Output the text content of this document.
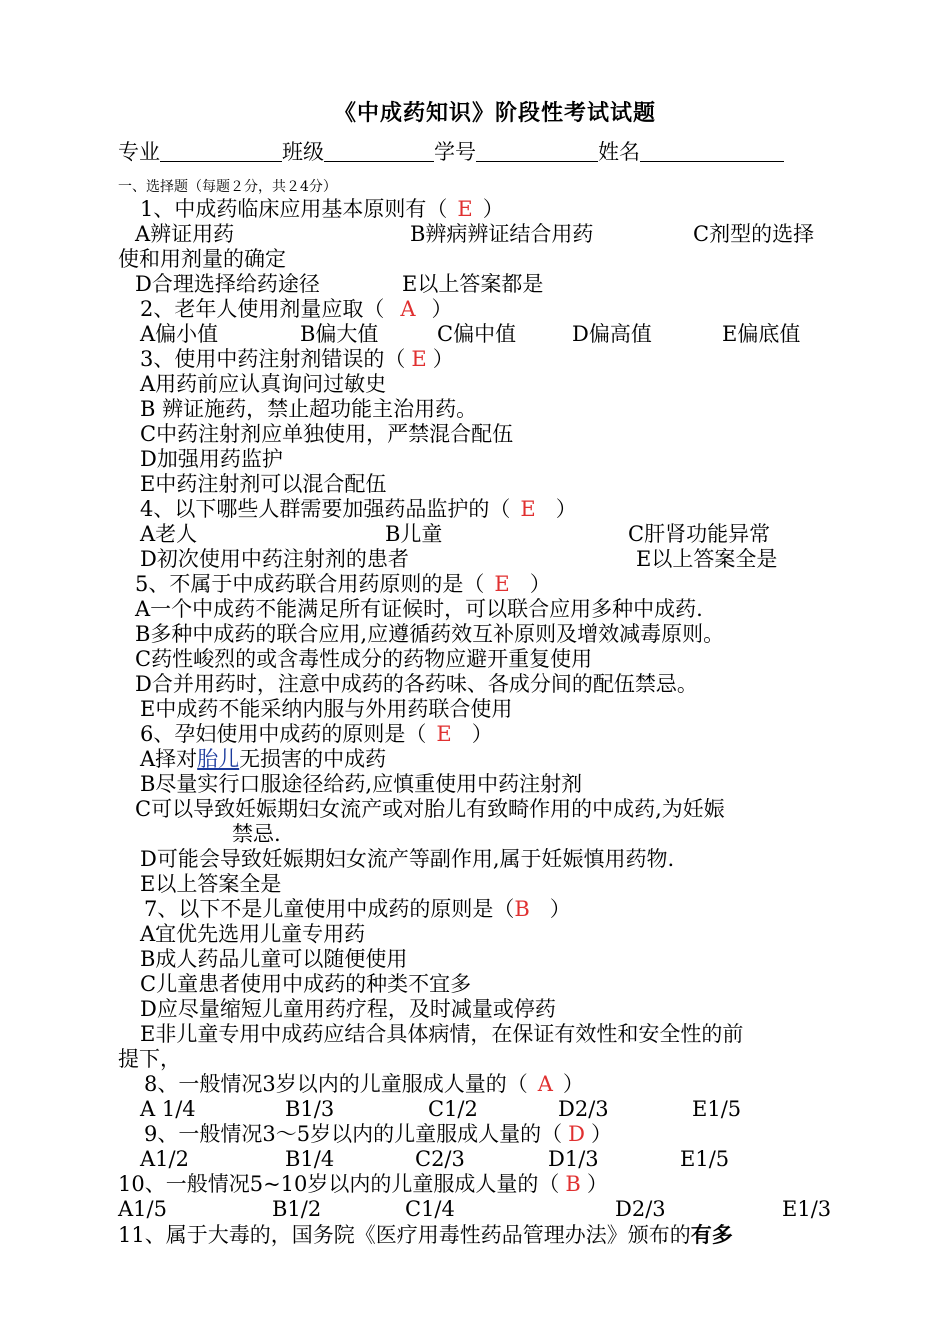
《中成药知识》阶段性考试试题
专业	班级	学号	姓名
一、选择题（每题２分，共２4分）
1、中成药临床应用基本原则有（ E ）
A辨证用药	B辨病辨证结合用药	C剂型的选择
使和用剂量的确定
D合理选择给药途径	E以上答案都是
2、老年人使用剂量应取（ A ）
A偏小值	B偏大值	C偏中值	D偏高值	E偏底值
3、使用中药注射剂错误的（ E ）
A用药前应认真询问过敏史
B 辨证施药，禁止超功能主治用药。
C中药注射剂应单独使用，严禁混合配伍
D加强用药监护
E中药注射剂可以混合配伍
4、以下哪些人群需要加强药品监护的（ E ）
A老人	B儿童	C肝肾功能异常
D初次使用中药注射剂的患者	E以上答案全是
5、不属于中成药联合用药原则的是（ E ）
A一个中成药不能满足所有证候时，可以联合应用多种中成药.
B多种中成药的联合应用,应遵循药效互补原则及增效减毒原则。
C药性峻烈的或含毒性成分的药物应避开重复使用
D合并用药时，注意中成药的各药味、各成分间的配伍禁忌。
E中成药不能采纳内服与外用药联合使用
6、孕妇使用中成药的原则是（ E ）
A择对胎儿无损害的中成药
B尽量实行口服途径给药,应慎重使用中药注射剂
C可以导致妊娠期妇女流产或对胎儿有致畸作用的中成药,为妊娠
禁忌.
D可能会导致妊娠期妇女流产等副作用,属于妊娠慎用药物.
E以上答案全是
7、以下不是儿童使用中成药的原则是（B ）
A宜优先选用儿童专用药
B成人药品儿童可以随便使用
C儿童患者使用中成药的种类不宜多
D应尽量缩短儿童用药疗程，及时减量或停药
E非儿童专用中成药应结合具体病情，在保证有效性和安全性的前
提下，
8、一般情况3岁以内的儿童服成人量的（ A ）
A 1/4	B1/3	C1/2	D2/3	E1/5
9、一般情况3～5岁以内的儿童服成人量的（ D ）
A1/2	B1/4	C2/3	D1/3	E1/5
10、一般情况5~10岁以内的儿童服成人量的（ B ）
A1/5	B1/2	C1/4	D2/3	E1/3
11、属于大毒的，国务院《医疗用毒性药品管理办法》颁布的有多
